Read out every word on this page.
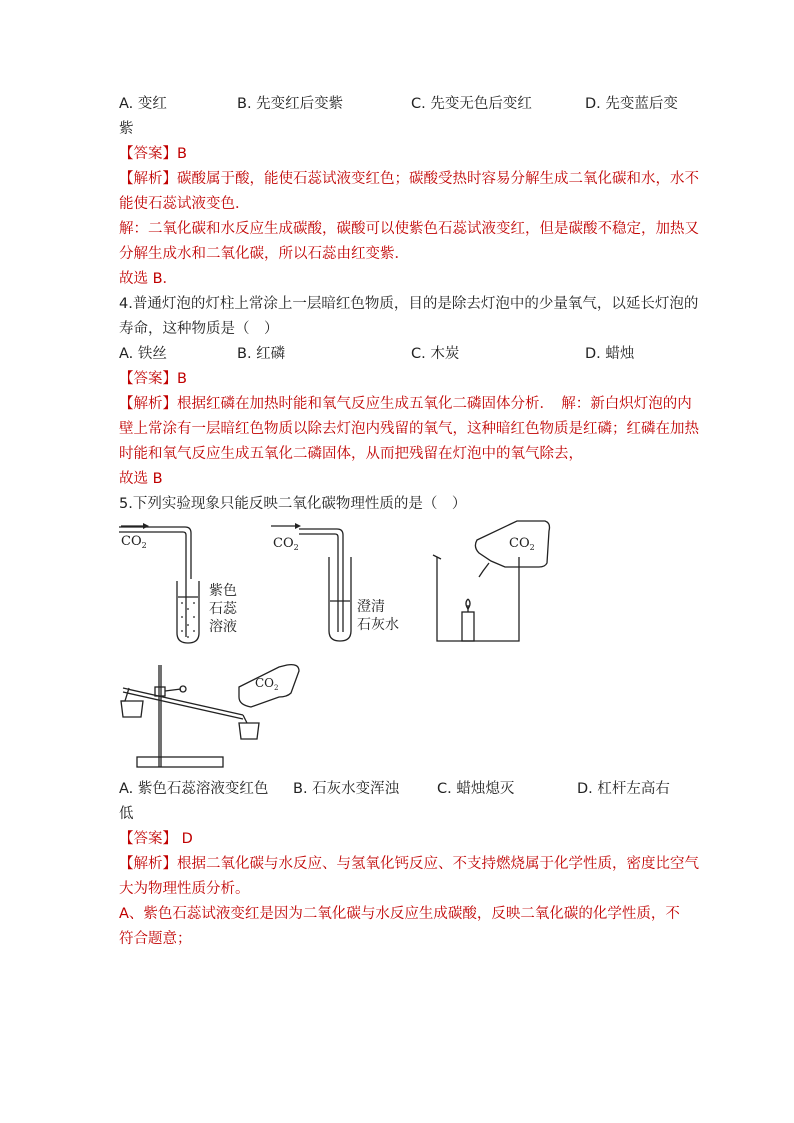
A. 变红	B. 先变红后变紫	C. 先变无色后变红	D. 先变蓝后变
紫
【答案】B
【解析】碳酸属于酸，能使石蕊试液变红色；碳酸受热时容易分解生成二氧化碳和水，水不
能使石蕊试液变色．
解：二氧化碳和水反应生成碳酸，碳酸可以使紫色石蕊试液变红，但是碳酸不稳定，加热又
分解生成水和二氧化碳，所以石蕊由红变紫．
故选 B．
4.普通灯泡的灯柱上常涂上一层暗红色物质，目的是除去灯泡中的少量氧气，以延长灯泡的
寿命，这种物质是（　）
A. 铁丝	B. 红磷	C. 木炭	D. 蜡烛
【答案】B
【解析】根据红磷在加热时能和氧气反应生成五氧化二磷固体分析．　解：新白炽灯泡的内
壁上常涂有一层暗红色物质以除去灯泡内残留的氧气，这种暗红色物质是红磷；红磷在加热
时能和氧气反应生成五氧化二磷固体，从而把残留在灯泡中的氧气除去，
故选 B
5.下列实验现象只能反映二氧化碳物理性质的是（　）
$CO_2$	$CO_2$	$CO_2$
$CO_2$
紫色
石蕊
溶液
澄清
石灰水
A. 紫色石蕊溶液变红色 B. 石灰水变浑浊	C. 蜡烛熄灭	D. 杠杆左高右
低
【答案】 D
【解析】根据二氧化碳与水反应、与氢氧化钙反应、不支持燃烧属于化学性质，密度比空气
大为物理性质分析。
A、紫色石蕊试液变红是因为二氧化碳与水反应生成碳酸，反映二氧化碳的化学性质，不
符合题意；
